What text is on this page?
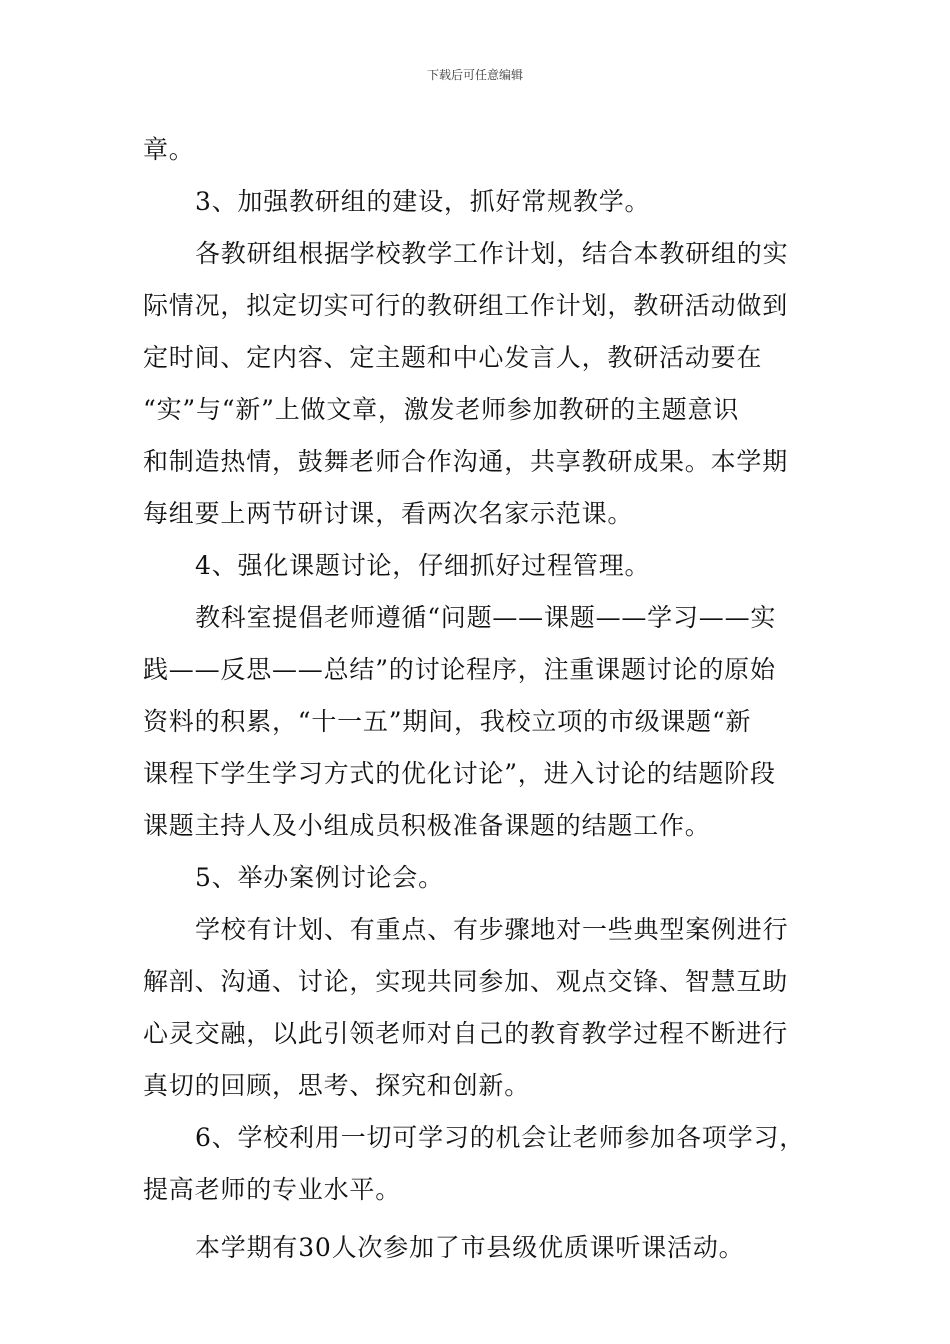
下载后可任意编辑
章。
3、加强教研组的建设，抓好常规教学。
各教研组根据学校教学工作计划，结合本教研组的实
际情况，拟定切实可行的教研组工作计划，教研活动做到
定时间、定内容、定主题和中心发言人，教研活动要在
“实”与“新”上做文章，激发老师参加教研的主题意识
和制造热情，鼓舞老师合作沟通，共享教研成果。本学期
每组要上两节研讨课，看两次名家示范课。
4、强化课题讨论，仔细抓好过程管理。
教科室提倡老师遵循“问题——课题——学习——实
践——反思——总结”的讨论程序，注重课题讨论的原始
资料的积累，“十一五”期间，我校立项的市级课题“新
课程下学生学习方式的优化讨论”，进入讨论的结题阶段
课题主持人及小组成员积极准备课题的结题工作。
5、举办案例讨论会。
学校有计划、有重点、有步骤地对一些典型案例进行
解剖、沟通、讨论，实现共同参加、观点交锋、智慧互助
心灵交融，以此引领老师对自己的教育教学过程不断进行
真切的回顾，思考、探究和创新。
6、学校利用一切可学习的机会让老师参加各项学习，
提高老师的专业水平。
本学期有30人次参加了市县级优质课听课活动。
